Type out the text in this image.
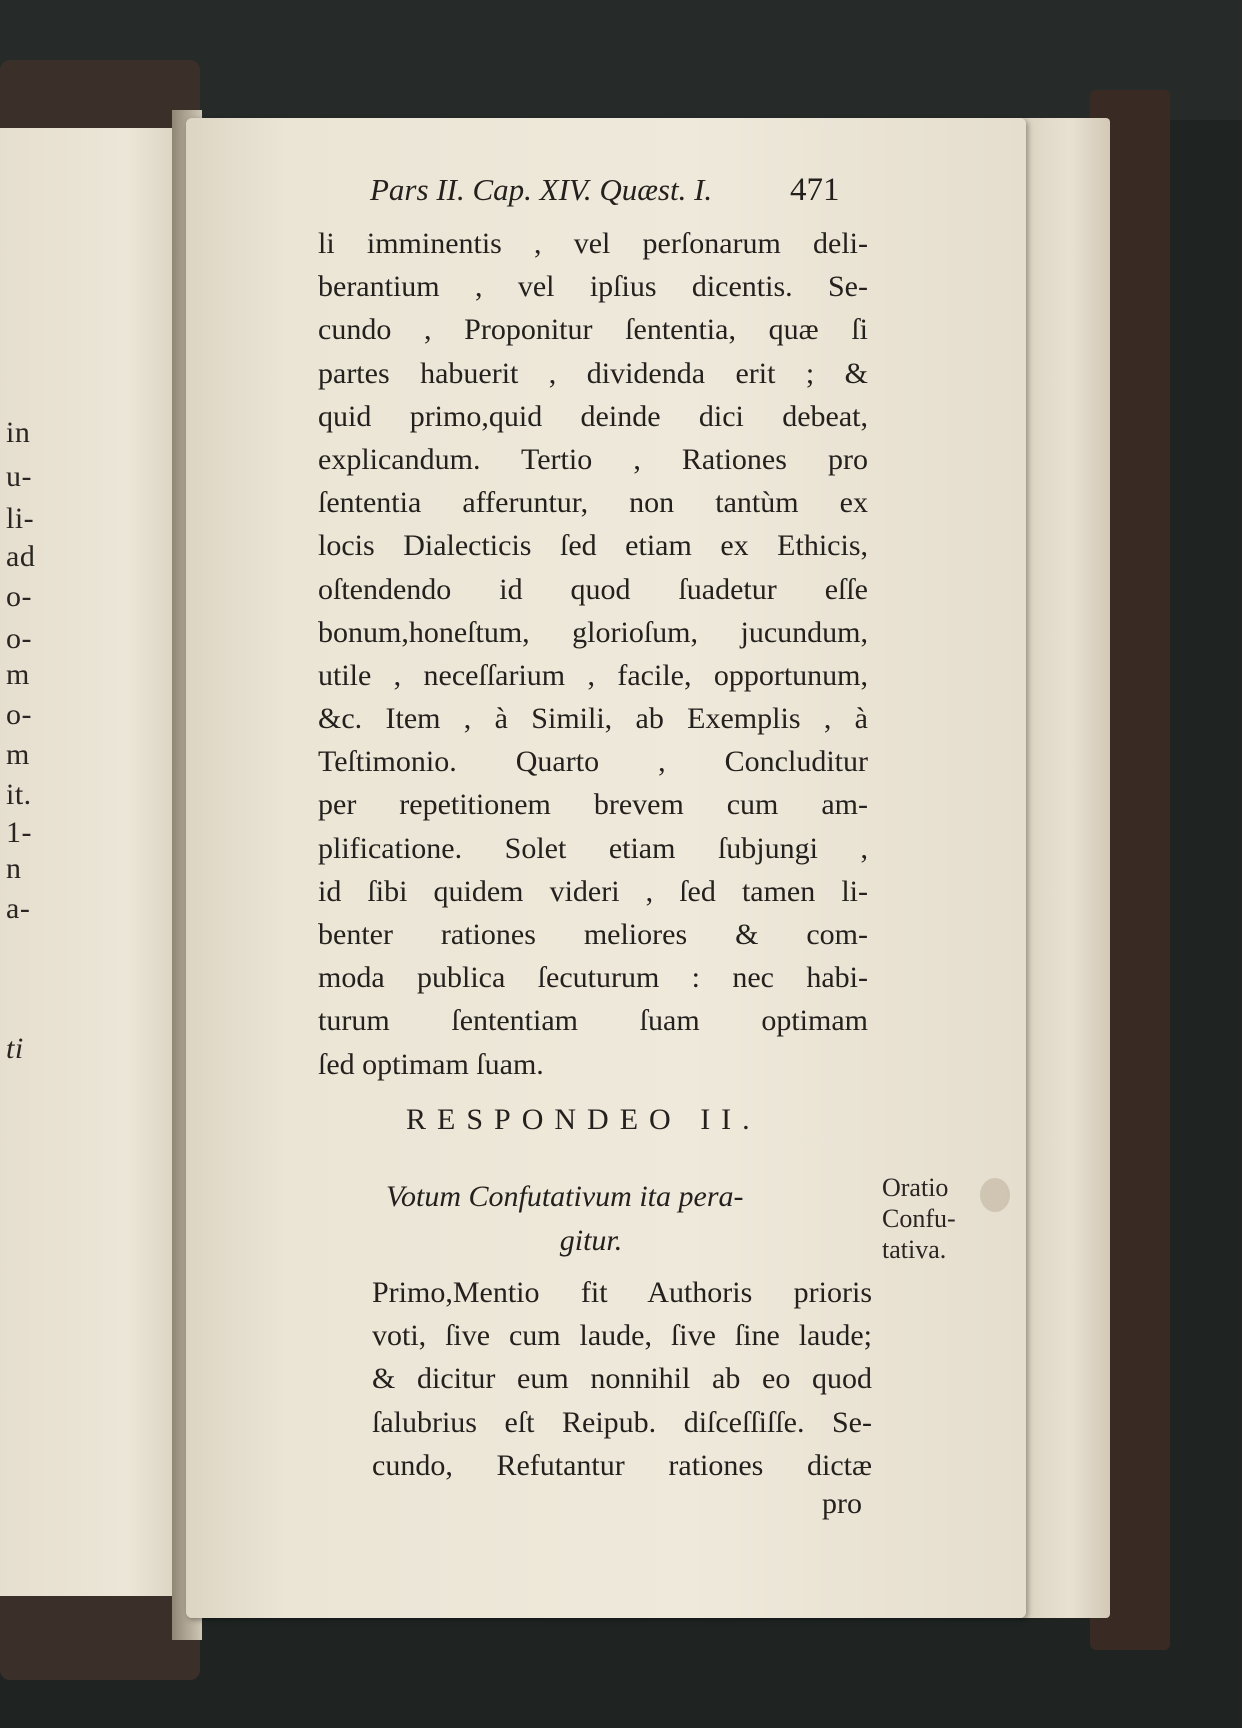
in
u-
li-
ad
o-
o-
m
o-
m
it.
1-
n
a-
ti
Pars II. Cap. XIV. Quæst. I.	471
li imminentis , vel perſonarum deli-
berantium , vel ipſius dicentis. Se-
cundo , Proponitur ſententia, quæ ſi
partes habuerit , dividenda erit ; &
quid primo,quid deinde dici debeat,
explicandum. Tertio , Rationes pro
ſententia afferuntur, non tantùm ex
locis Dialecticis ſed etiam ex Ethicis,
oſtendendo id quod ſuadetur eſſe
bonum,honeſtum, glorioſum, jucundum,
utile , neceſſarium , facile, opportunum,
&c. Item , à Simili, ab Exemplis , à
Teſtimonio. Quarto , Concluditur
per repetitionem brevem cum am-
plificatione. Solet etiam ſubjungi ,
id ſibi quidem videri , ſed tamen li-
benter rationes meliores & com-
moda publica ſecuturum : nec habi-
turum ſententiam ſuam optimam
ſed optimam ſuam.
RESPONDEO II.
Votum Confutativum ita pera-
gitur.
Oratio
Confu-
tativa.
Primo,Mentio fit Authoris prioris
voti, ſive cum laude, ſive ſine laude;
& dicitur eum nonnihil ab eo quod
ſalubrius eſt Reipub. diſceſſiſſe. Se-
cundo, Refutantur rationes dictæ
pro
